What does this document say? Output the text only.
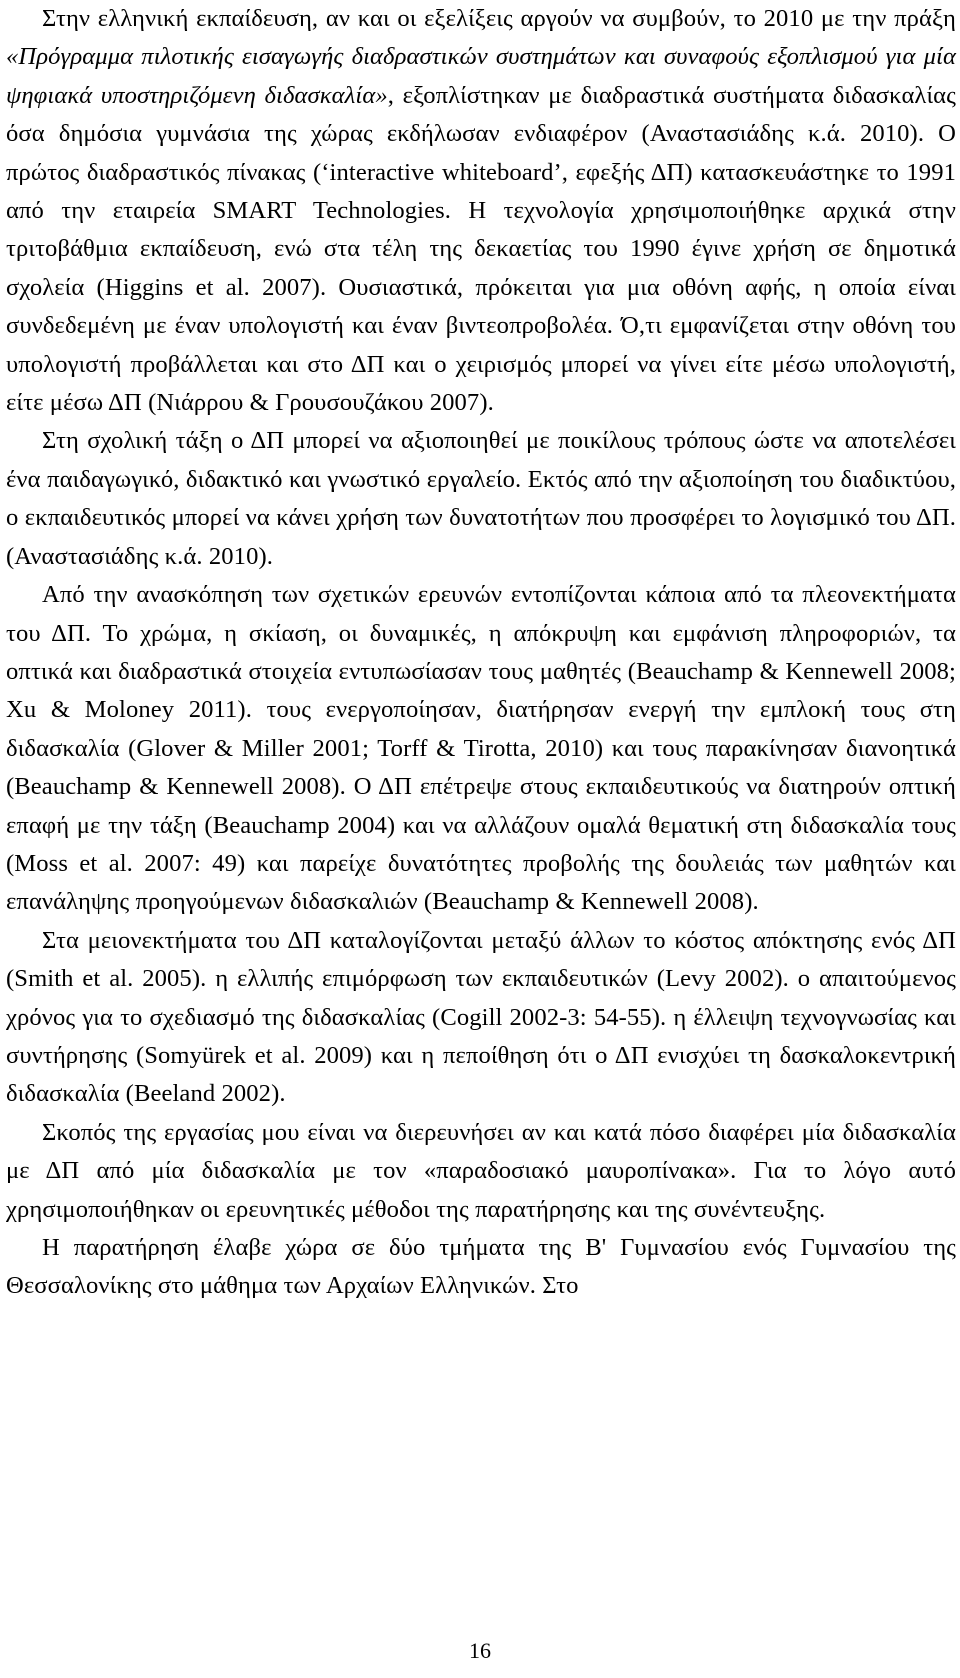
Στην ελληνική εκπαίδευση, αν και οι εξελίξεις αργούν να συμβούν, το 2010 με την πράξη «Πρόγραμμα πιλοτικής εισαγωγής διαδραστικών συστημάτων και συναφούς εξοπλισμού για μία ψηφιακά υποστηριζόμενη διδασκαλία», εξοπλίστηκαν με διαδραστικά συστήματα διδασκαλίας όσα δημόσια γυμνάσια της χώρας εκδήλωσαν ενδιαφέρον (Αναστασιάδης κ.ά. 2010). Ο πρώτος διαδραστικός πίνακας (‘interactive whiteboard’, εφεξής ΔΠ) κατασκευάστηκε το 1991 από την εταιρεία SMART Technologies. Η τεχνολογία χρησιμοποιήθηκε αρχικά στην τριτοβάθμια εκπαίδευση, ενώ στα τέλη της δεκαετίας του 1990 έγινε χρήση σε δημοτικά σχολεία (Higgins et al. 2007). Ουσιαστικά, πρόκειται για μια οθόνη αφής, η οποία είναι συνδεδεμένη με έναν υπολογιστή και έναν βιντεοπροβολέα. Ό,τι εμφανίζεται στην οθόνη του υπολογιστή προβάλλεται και στο ΔΠ και ο χειρισμός μπορεί να γίνει είτε μέσω υπολογιστή, είτε μέσω ΔΠ (Νιάρρου & Γρουσουζάκου 2007).

Στη σχολική τάξη ο ΔΠ μπορεί να αξιοποιηθεί με ποικίλους τρόπους ώστε να αποτελέσει ένα παιδαγωγικό, διδακτικό και γνωστικό εργαλείο. Εκτός από την αξιοποίηση του διαδικτύου, ο εκπαιδευτικός μπορεί να κάνει χρήση των δυνατοτήτων που προσφέρει το λογισμικό του ΔΠ. (Αναστασιάδης κ.ά. 2010).

Από την ανασκόπηση των σχετικών ερευνών εντοπίζονται κάποια από τα πλεονεκτήματα του ΔΠ. Το χρώμα, η σκίαση, οι δυναμικές, η απόκρυψη και εμφάνιση πληροφοριών, τα οπτικά και διαδραστικά στοιχεία εντυπωσίασαν τους μαθητές (Beauchamp & Kennewell 2008; Xu & Moloney 2011). τους ενεργοποίησαν, διατήρησαν ενεργή την εμπλοκή τους στη διδασκαλία (Glover & Miller 2001; Torff & Tirotta, 2010) και τους παρακίνησαν διανοητικά (Beauchamp & Kennewell 2008). Ο ΔΠ επέτρεψε στους εκπαιδευτικούς να διατηρούν οπτική επαφή με την τάξη (Beauchamp 2004) και να αλλάζουν ομαλά θεματική στη διδασκαλία τους (Moss et al. 2007: 49) και παρείχε δυνατότητες προβολής της δουλειάς των μαθητών και επανάληψης προηγούμενων διδασκαλιών (Beauchamp & Kennewell 2008).

Στα μειονεκτήματα του ΔΠ καταλογίζονται μεταξύ άλλων το κόστος απόκτησης ενός ΔΠ (Smith et al. 2005). η ελλιπής επιμόρφωση των εκπαιδευτικών (Levy 2002). ο απαιτούμενος χρόνος για το σχεδιασμό της διδασκαλίας (Cogill 2002-3: 54-55). η έλλειψη τεχνογνωσίας και συντήρησης (Somyürek et al. 2009) και η πεποίθηση ότι ο ΔΠ ενισχύει τη δασκαλοκεντρική διδασκαλία (Beeland 2002).

Σκοπός της εργασίας μου είναι να διερευνήσει αν και κατά πόσο διαφέρει μία διδασκαλία με ΔΠ από μία διδασκαλία με τον «παραδοσιακό μαυροπίνακα». Για το λόγο αυτό χρησιμοποιήθηκαν οι ερευνητικές μέθοδοι της παρατήρησης και της συνέντευξης.

Η παρατήρηση έλαβε χώρα σε δύο τμήματα της Β' Γυμνασίου ενός Γυμνασίου της Θεσσαλονίκης στο μάθημα των Αρχαίων Ελληνικών. Στο

16
